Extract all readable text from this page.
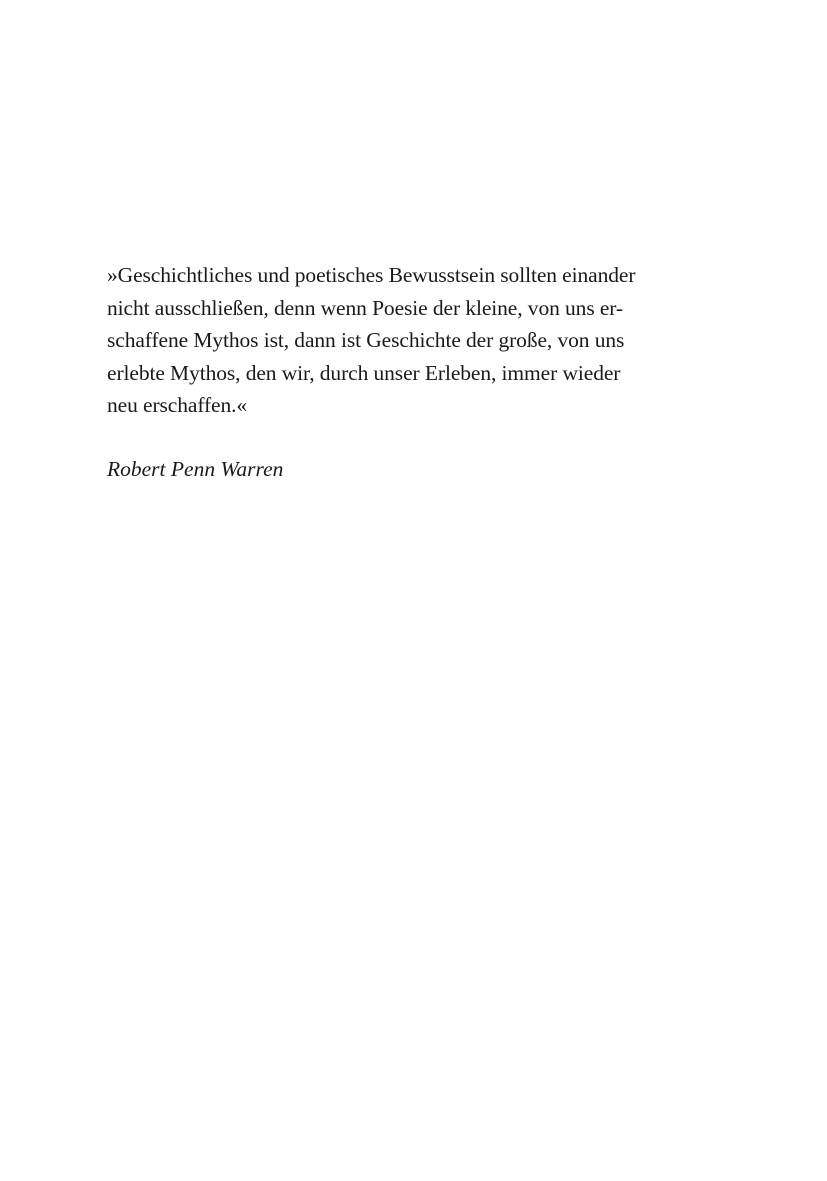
»Geschichtliches und poetisches Bewusstsein sollten einander
nicht ausschließen, denn wenn Poesie der kleine, von uns er-
schaffene Mythos ist, dann ist Geschichte der große, von uns
erlebte Mythos, den wir, durch unser Erleben, immer wieder
neu erschaffen.«

Robert Penn Warren
